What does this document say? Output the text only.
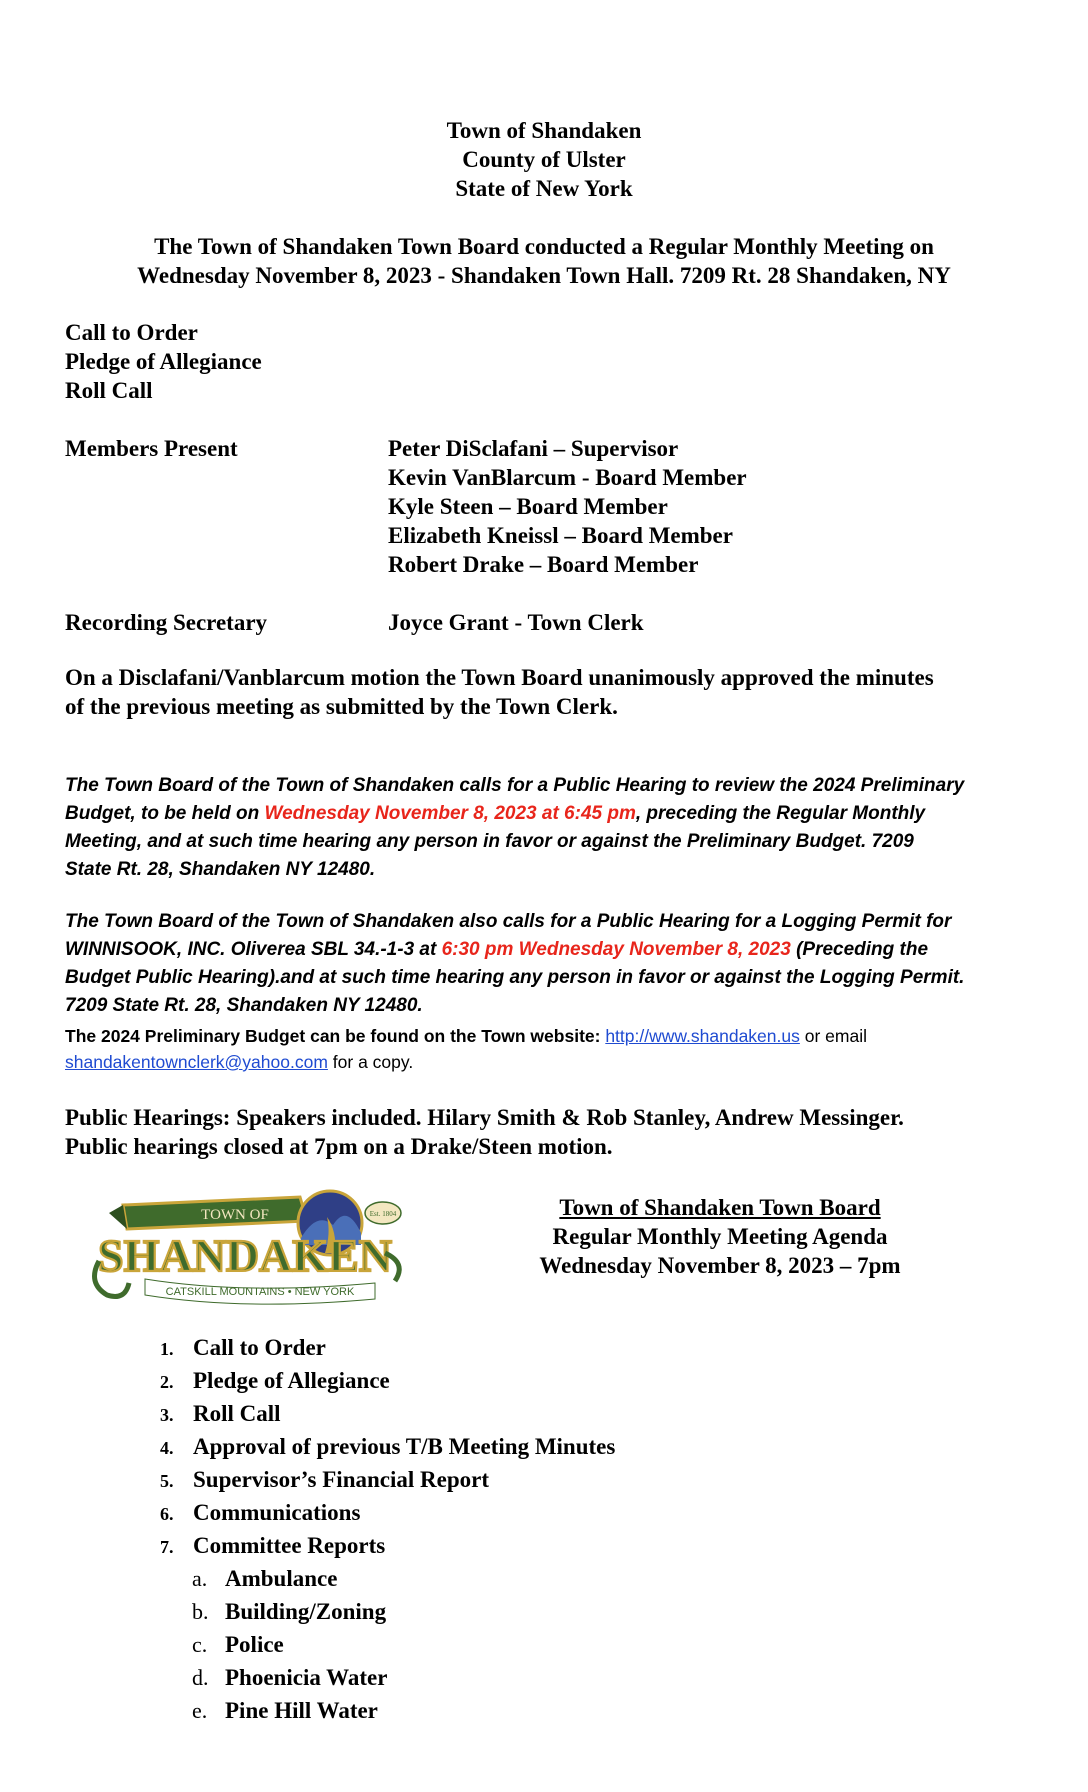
Town of Shandaken
County of Ulster
State of New York
The Town of Shandaken Town Board conducted a Regular Monthly Meeting on
Wednesday November 8, 2023 - Shandaken Town Hall. 7209 Rt. 28 Shandaken, NY
Call to Order
Pledge of Allegiance
Roll Call
Members Present	Peter DiSclafani – Supervisor
Kevin VanBlarcum - Board Member
Kyle Steen – Board Member
Elizabeth Kneissl – Board Member
Robert Drake – Board Member
Recording Secretary	Joyce Grant - Town Clerk
On a Disclafani/Vanblarcum motion the Town Board unanimously approved the minutes
of the previous meeting as submitted by the Town Clerk.
The Town Board of the Town of Shandaken calls for a Public Hearing to review the 2024 Preliminary
Budget, to be held on Wednesday November 8, 2023 at 6:45 pm, preceding the Regular Monthly
Meeting, and at such time hearing any person in favor or against the Preliminary Budget. 7209
State Rt. 28, Shandaken NY 12480.
The Town Board of the Town of Shandaken also calls for a Public Hearing for a Logging Permit for
WINNISOOK, INC. Oliverea SBL 34.-1-3 at 6:30 pm Wednesday November 8, 2023 (Preceding the
Budget Public Hearing).and at such time hearing any person in favor or against the Logging Permit.
7209 State Rt. 28, Shandaken NY 12480.
The 2024 Preliminary Budget can be found on the Town website: http://www.shandaken.us or email
shandakentownclerk@yahoo.com for a copy.
Public Hearings: Speakers included. Hilary Smith & Rob Stanley, Andrew Messinger.
Public hearings closed at 7pm on a Drake/Steen motion.
TOWN OF	Est. 1804
SHANDAKEN
CATSKILL MOUNTAINS • NEW YORK
Town of Shandaken Town Board
Regular Monthly Meeting Agenda
Wednesday November 8, 2023 – 7pm
1. Call to Order
2. Pledge of Allegiance
3. Roll Call
4. Approval of previous T/B Meeting Minutes
5. Supervisor’s Financial Report
6. Communications
7. Committee Reports
a. Ambulance
b. Building/Zoning
c. Police
d. Phoenicia Water
e. Pine Hill Water
